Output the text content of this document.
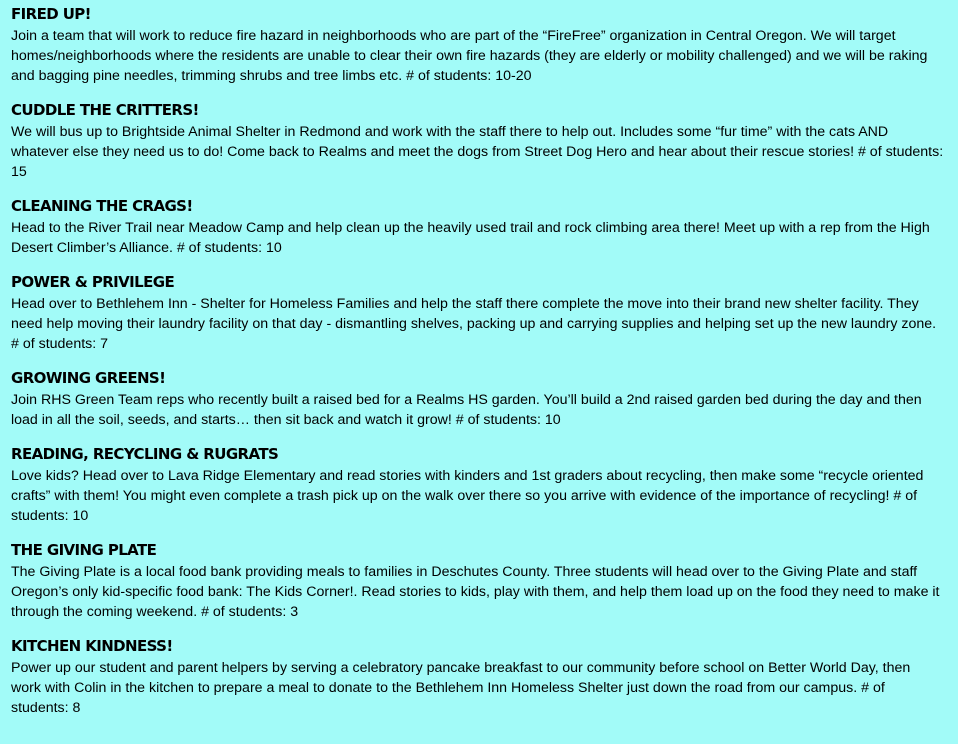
FIRED UP!

Join a team that will work to reduce fire hazard in neighborhoods who are part of the “FireFree” organization in Central Oregon. We will target homes/neighborhoods where the residents are unable to clear their own fire hazards (they are elderly or mobility challenged) and we will be raking and bagging pine needles, trimming shrubs and tree limbs etc. # of students: 10-20

CUDDLE THE CRITTERS!

We will bus up to Brightside Animal Shelter in Redmond and work with the staff there to help out. Includes some “fur time” with the cats AND whatever else they need us to do! Come back to Realms and meet the dogs from Street Dog Hero and hear about their rescue stories! # of students: 15

CLEANING THE CRAGS!

Head to the River Trail near Meadow Camp and help clean up the heavily used trail and rock climbing area there! Meet up with a rep from the High Desert Climber’s Alliance. # of students: 10

POWER & PRIVILEGE

Head over to Bethlehem Inn - Shelter for Homeless Families and help the staff there complete the move into their brand new shelter facility. They need help moving their laundry facility on that day - dismantling shelves, packing up and carrying supplies and helping set up the new laundry zone. # of students: 7

GROWING GREENS!

Join RHS Green Team reps who recently built a raised bed for a Realms HS garden. You’ll build a 2nd raised garden bed during the day and then load in all the soil, seeds, and starts… then sit back and watch it grow! # of students: 10

READING, RECYCLING & RUGRATS

Love kids? Head over to Lava Ridge Elementary and read stories with kinders and 1st graders about recycling, then make some “recycle oriented crafts” with them! You might even complete a trash pick up on the walk over there so you arrive with evidence of the importance of recycling! # of students: 10

THE GIVING PLATE

The Giving Plate is a local food bank providing meals to families in Deschutes County. Three students will head over to the Giving Plate and staff Oregon’s only kid-specific food bank: The Kids Corner!. Read stories to kids, play with them, and help them load up on the food they need to make it through the coming weekend. # of students: 3

KITCHEN KINDNESS!

Power up our student and parent helpers by serving a celebratory pancake breakfast to our community before school on Better World Day, then work with Colin in the kitchen to prepare a meal to donate to the Bethlehem Inn Homeless Shelter just down the road from our campus. # of students: 8
